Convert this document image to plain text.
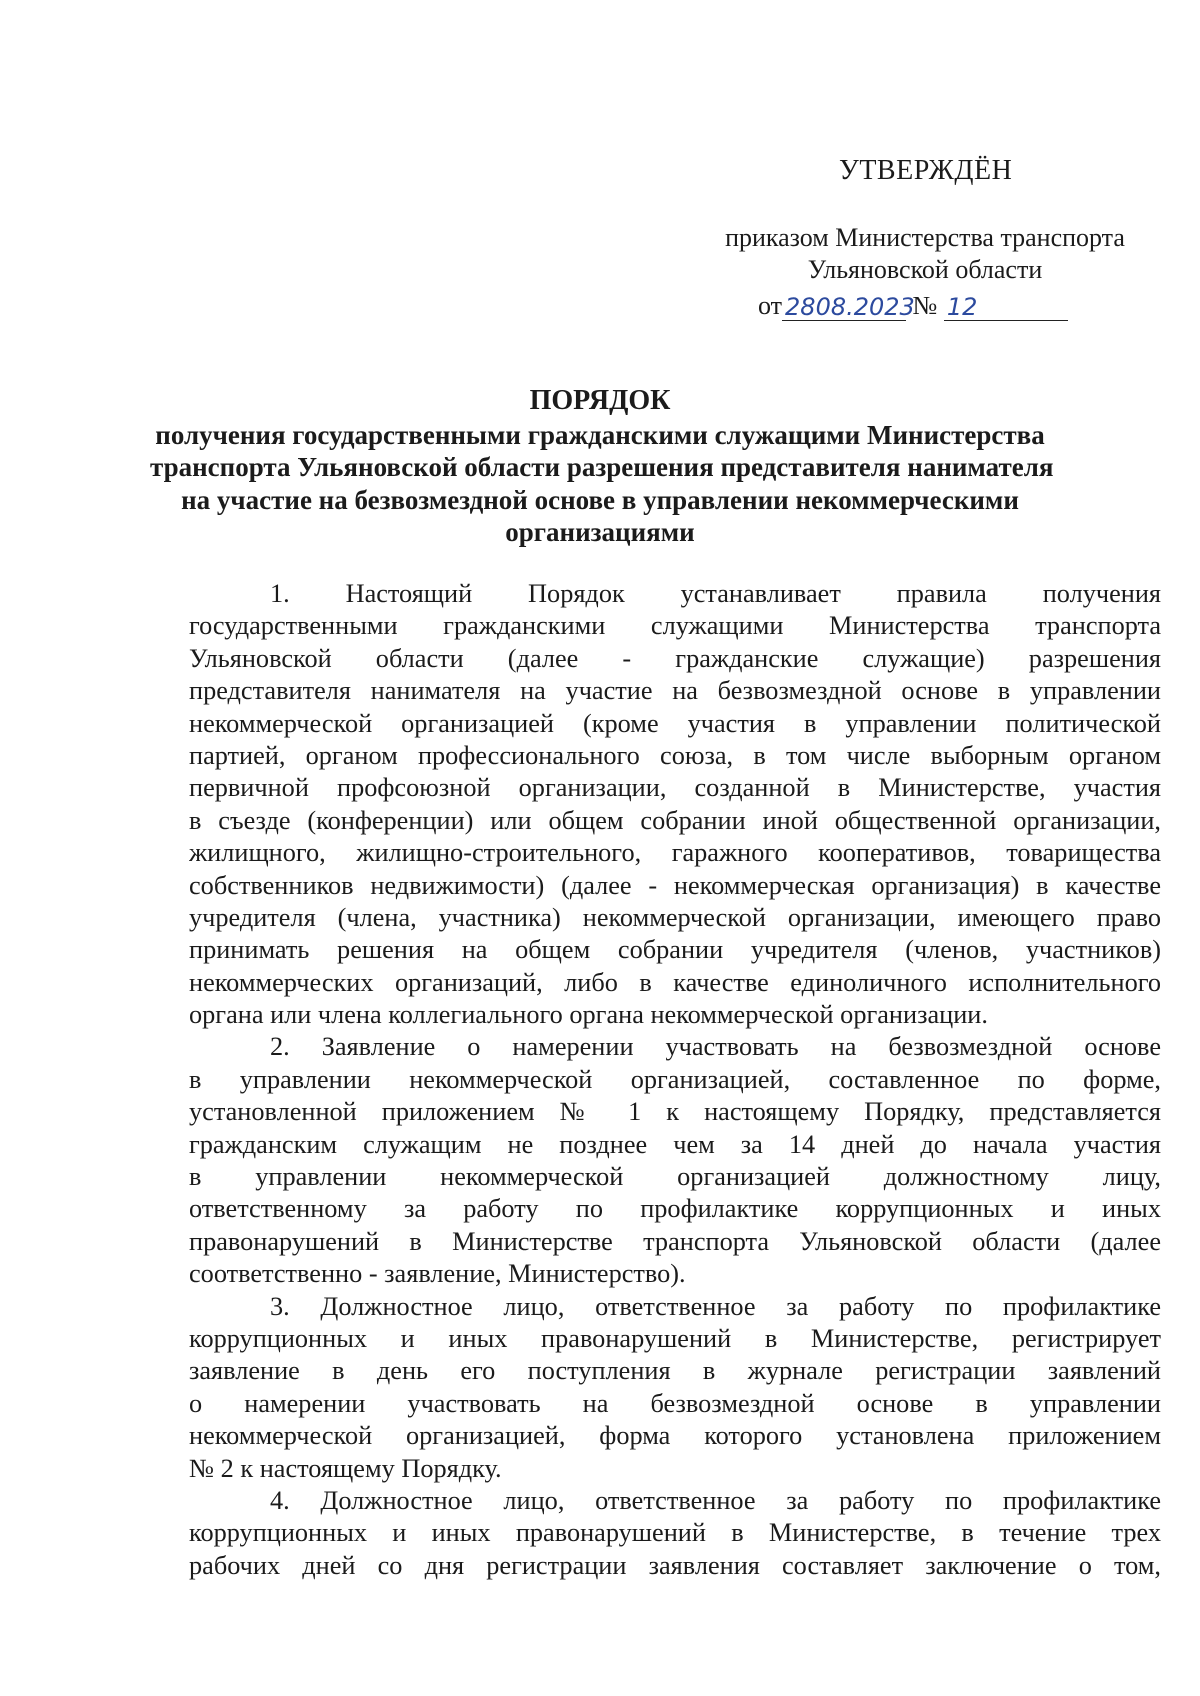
УТВЕРЖДЁН
приказом Министерства транспорта
Ульяновской области
от 2808.2023 № 12
ПОРЯДОК
получения государственными гражданскими служащими Министерства
транспорта Ульяновской области разрешения представителя нанимателя
на участие на безвозмездной основе в управлении некоммерческими
организациями
1. Настоящий Порядок устанавливает правила получения
государственными гражданскими служащими Министерства транспорта
Ульяновской области (далее - гражданские служащие) разрешения
представителя нанимателя на участие на безвозмездной основе в управлении
некоммерческой организацией (кроме участия в управлении политической
партией, органом профессионального союза, в том числе выборным органом
первичной профсоюзной организации, созданной в Министерстве, участия
в съезде (конференции) или общем собрании иной общественной организации,
жилищного, жилищно-строительного, гаражного кооперативов, товарищества
собственников недвижимости) (далее - некоммерческая организация) в качестве
учредителя (члена, участника) некоммерческой организации, имеющего право
принимать решения на общем собрании учредителя (членов, участников)
некоммерческих организаций, либо в качестве единоличного исполнительного
органа или члена коллегиального органа некоммерческой организации.
2. Заявление о намерении участвовать на безвозмездной основе
в управлении некоммерческой организацией, составленное по форме,
установленной приложением № 1 к настоящему Порядку, представляется
гражданским служащим не позднее чем за 14 дней до начала участия
в управлении некоммерческой организацией должностному лицу,
ответственному за работу по профилактике коррупционных и иных
правонарушений в Министерстве транспорта Ульяновской области (далее
соответственно - заявление, Министерство).
3. Должностное лицо, ответственное за работу по профилактике
коррупционных и иных правонарушений в Министерстве, регистрирует
заявление в день его поступления в журнале регистрации заявлений
о намерении участвовать на безвозмездной основе в управлении
некоммерческой организацией, форма которого установлена приложением
№ 2 к настоящему Порядку.
4. Должностное лицо, ответственное за работу по профилактике
коррупционных и иных правонарушений в Министерстве, в течение трех
рабочих дней со дня регистрации заявления составляет заключение о том,
